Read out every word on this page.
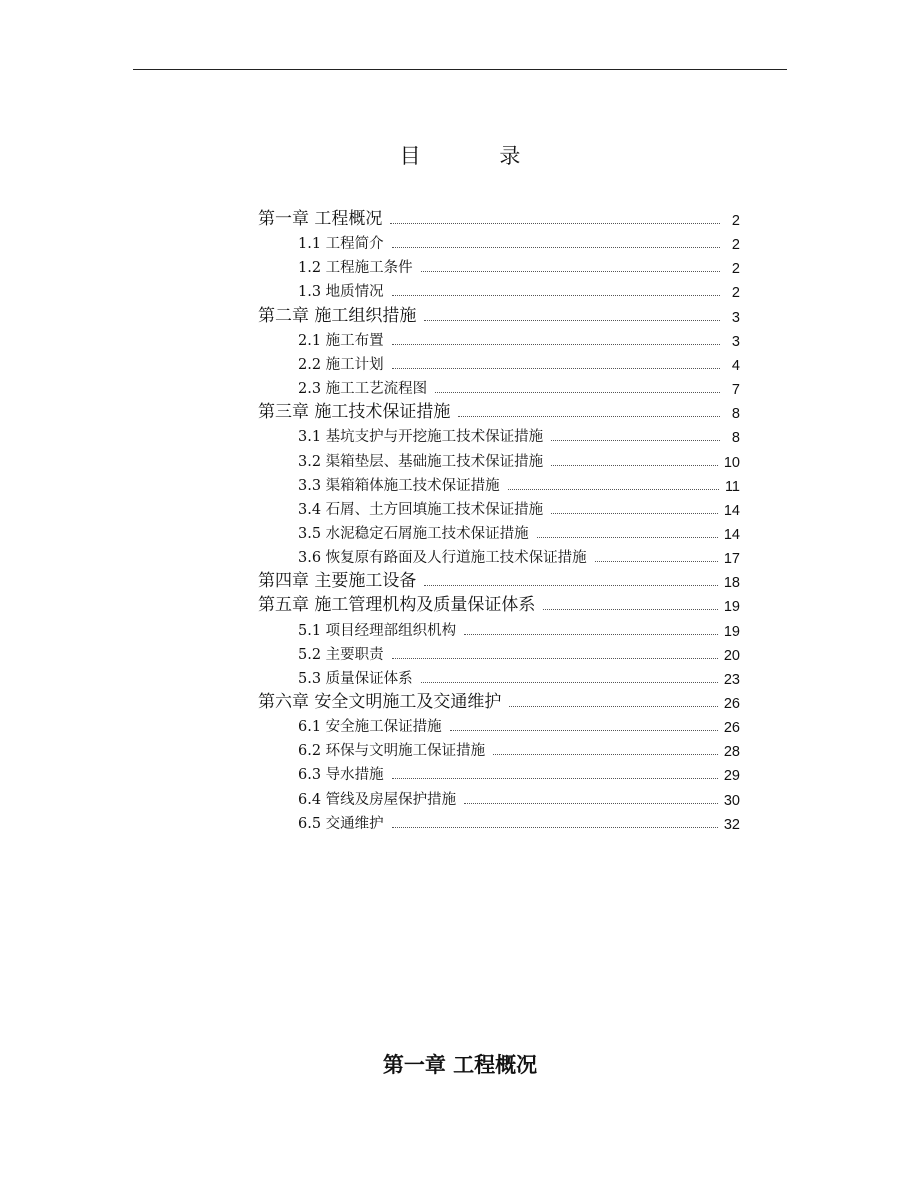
目 录
第一章 工程概况	2
1.1 工程简介	2
1.2 工程施工条件	2
1.3 地质情况	2
第二章 施工组织措施	3
2.1 施工布置	3
2.2 施工计划	4
2.3 施工工艺流程图	7
第三章 施工技术保证措施	8
3.1 基坑支护与开挖施工技术保证措施	8
3.2 渠箱垫层、基础施工技术保证措施	10
3.3 渠箱箱体施工技术保证措施	11
3.4 石屑、土方回填施工技术保证措施	14
3.5 水泥稳定石屑施工技术保证措施	14
3.6 恢复原有路面及人行道施工技术保证措施	17
第四章 主要施工设备	18
第五章 施工管理机构及质量保证体系	19
5.1 项目经理部组织机构	19
5.2 主要职责	20
5.3 质量保证体系	23
第六章 安全文明施工及交通维护	26
6.1 安全施工保证措施	26
6.2 环保与文明施工保证措施	28
6.3 导水措施	29
6.4 管线及房屋保护措施	30
6.5 交通维护	32
第一章 工程概况
